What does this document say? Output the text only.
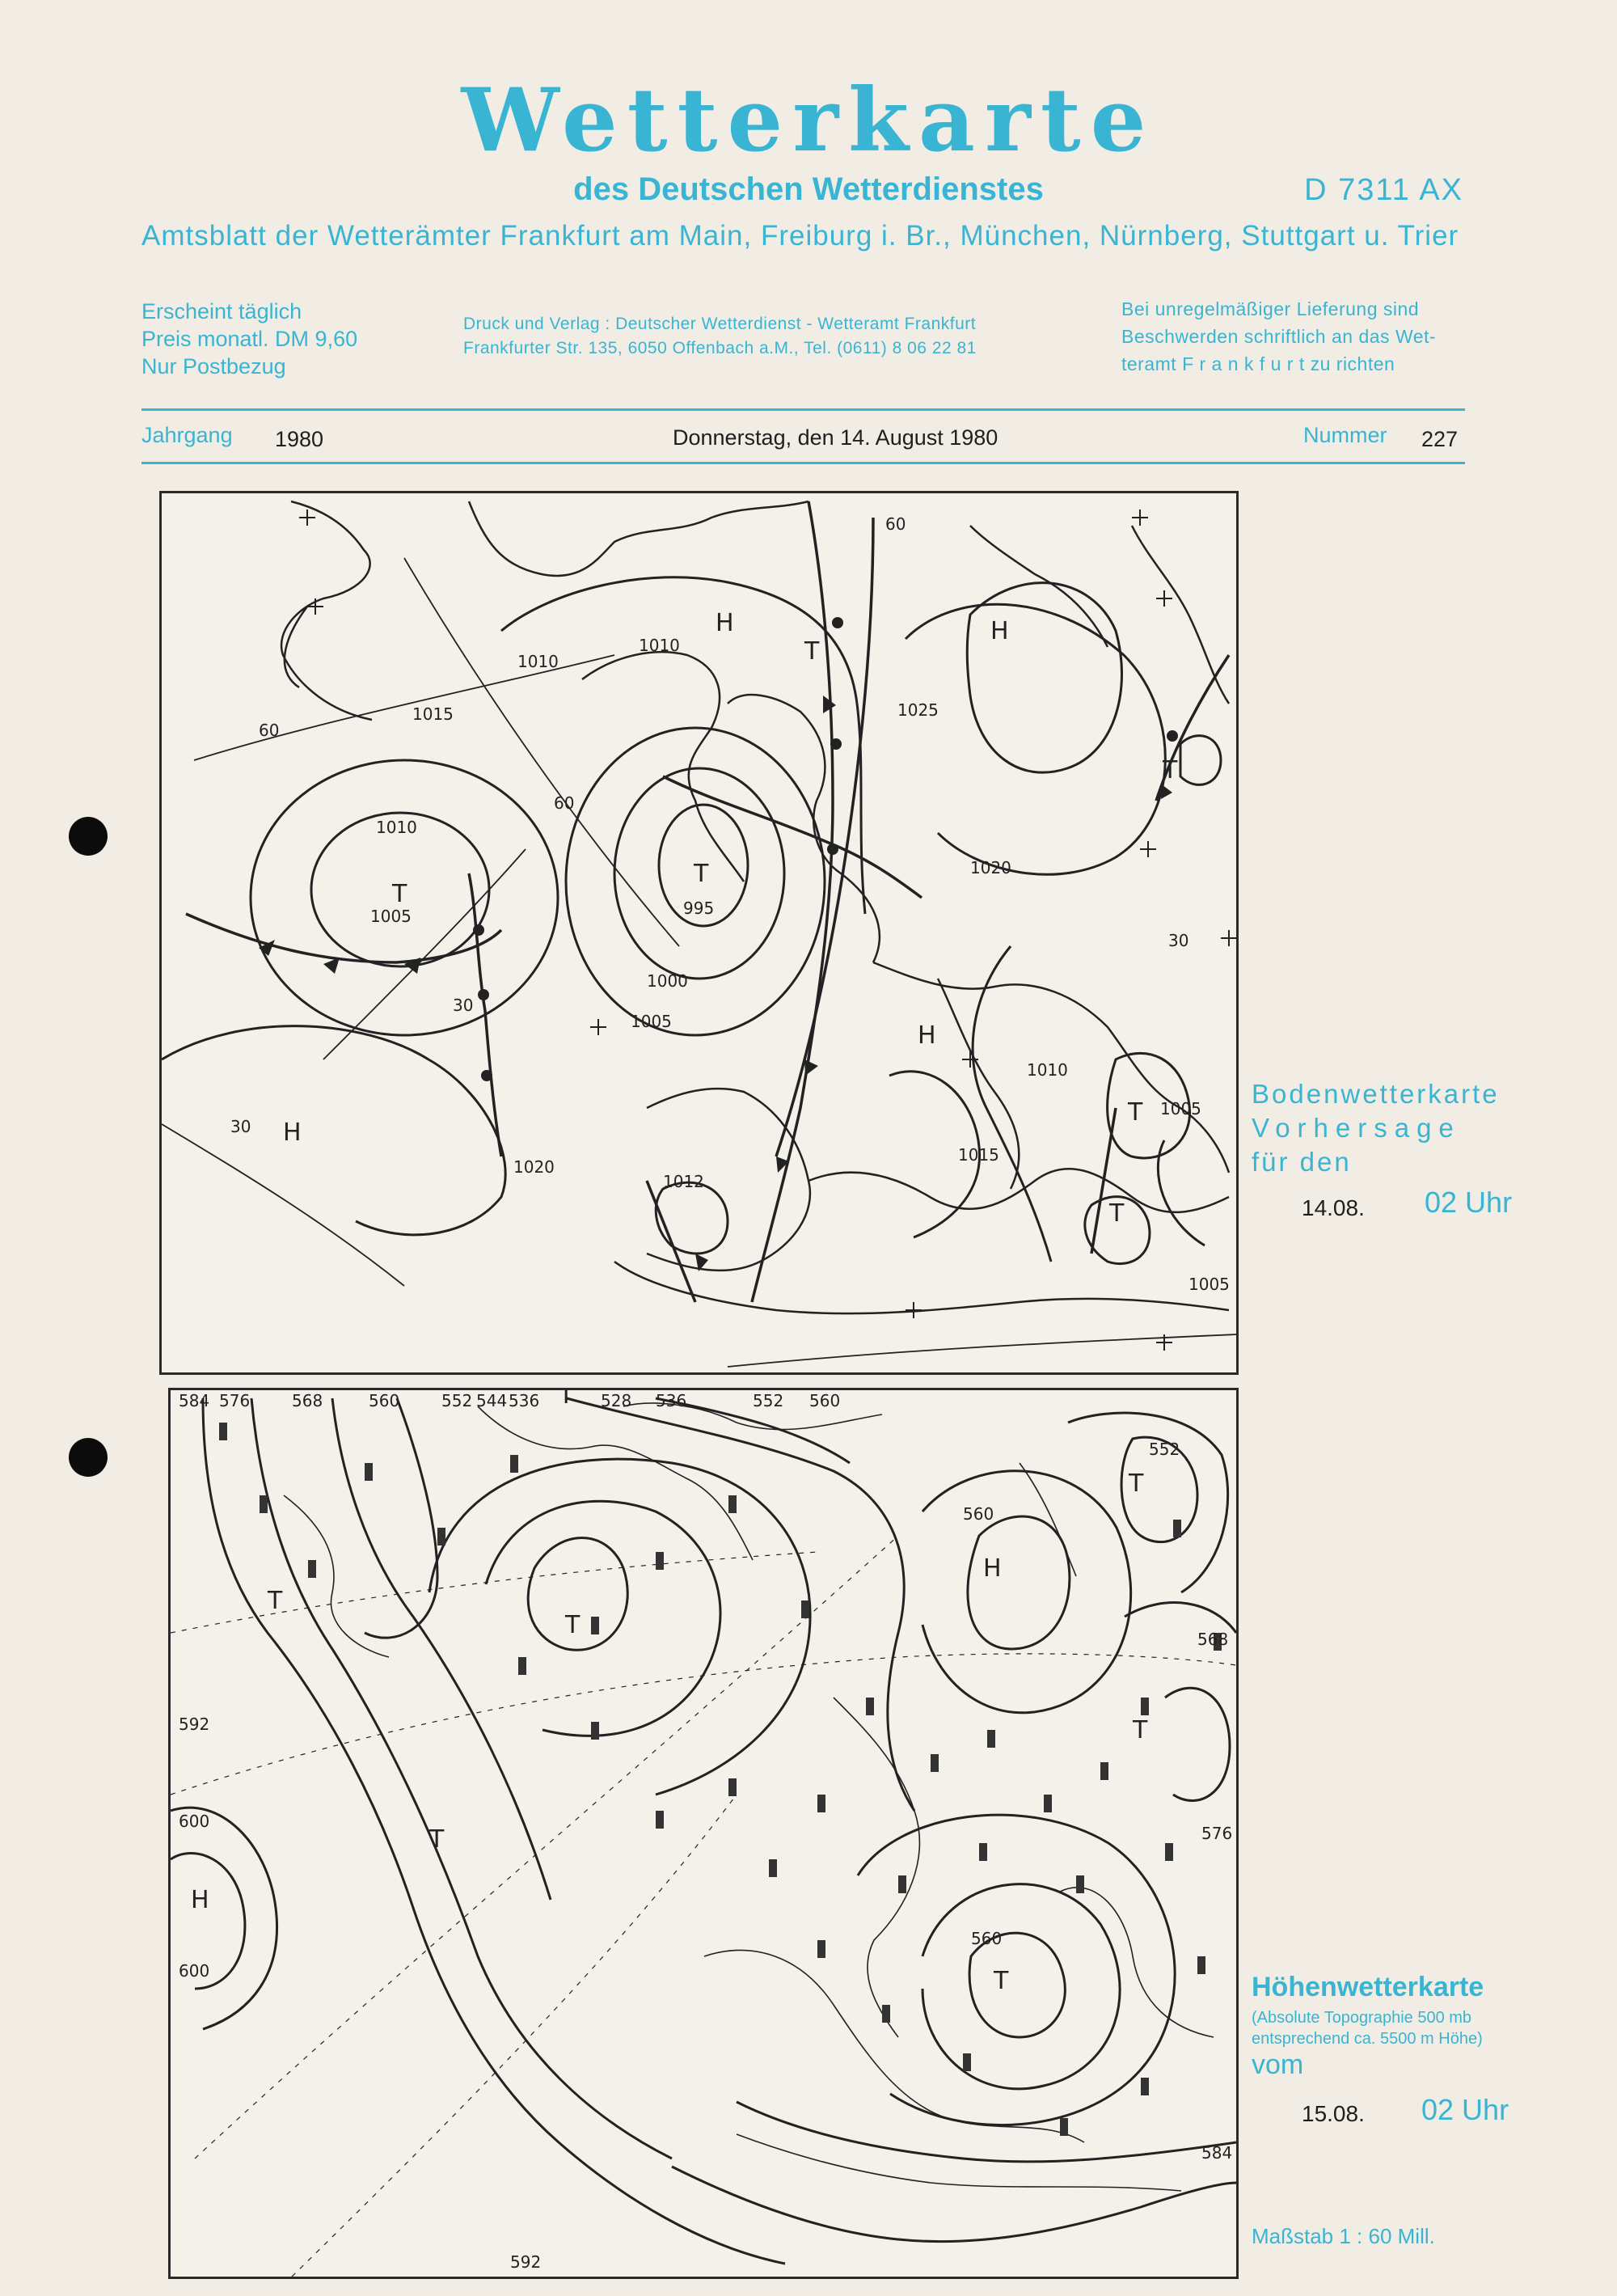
Wetterkarte
des Deutschen Wetterdienstes	D 7311 AX
Amtsblatt der Wetterämter Frankfurt am Main, Freiburg i. Br., München, Nürnberg, Stuttgart u. Trier
Erscheint täglich
Preis monatl. DM 9,60
Nur Postbezug
Druck und Verlag : Deutscher Wetterdienst - Wetteramt Frankfurt
Frankfurter Str. 135, 6050 Offenbach a.M., Tel. (0611) 8 06 22 81
Bei unregelmäßiger Lieferung sind
Beschwerden schriftlich an das Wet-
teramt F r a n k f u r t zu richten
Jahrgang 1980	Donnerstag, den 14. August 1980	Nummer 227
H	H
H
H
T
T
T
T
T
T
995
1000
1005
1005
1005
1005
1010
1010
1010
1010
1015
1015
1020
1020
1025
1012
30
30
30
60
60
60
Bodenwetterkarte
Vorhersage
für den
14.08. 02 Uhr
H
H
T
T
T
T
T
T
T
584 576	568	560	552 544 536	528 536	552 560
552
560
592
600
600
592
560
576
568
584
Höhenwetterkarte
(Absolute Topographie 500 mb
entsprechend ca. 5500 m Höhe)
vom
15.08. 02 Uhr
Maßstab 1 : 60 Mill.
